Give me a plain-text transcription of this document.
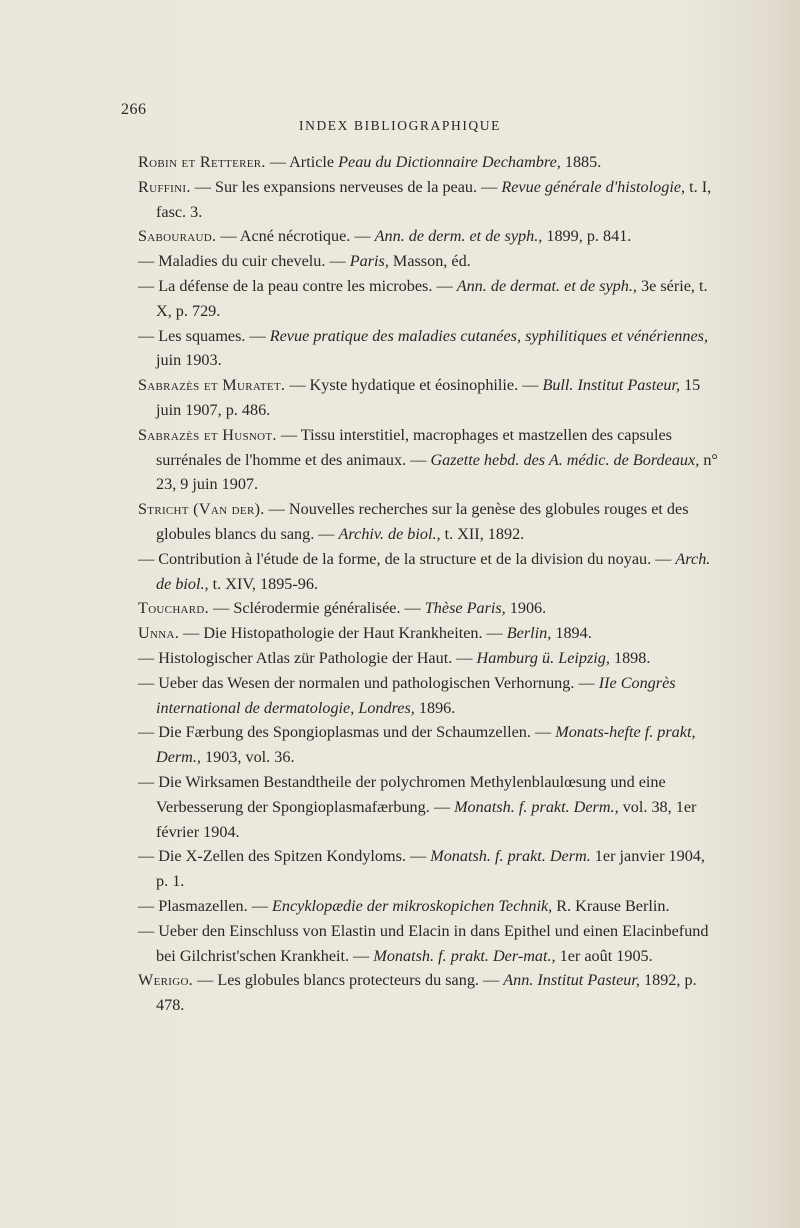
266
INDEX BIBLIOGRAPHIQUE
Robin et Retterer. — Article Peau du Dictionnaire Dechambre, 1885.
Ruffini. — Sur les expansions nerveuses de la peau. — Revue générale d'histologie, t. I, fasc. 3.
Sabouraud. — Acné nécrotique. — Ann. de derm. et de syph., 1899, p. 841.
— Maladies du cuir chevelu. — Paris, Masson, éd.
— La défense de la peau contre les microbes. — Ann. de dermat. et de syph., 3e série, t. X, p. 729.
— Les squames. — Revue pratique des maladies cutanées, syphilitiques et vénériennes, juin 1903.
Sabrazès et Muratet. — Kyste hydatique et éosinophilie. — Bull. Institut Pasteur, 15 juin 1907, p. 486.
Sabrazès et Husnot. — Tissu interstitiel, macrophages et mastzellen des capsules surrénales de l'homme et des animaux. — Gazette hebd. des A. médic. de Bordeaux, n° 23, 9 juin 1907.
Stricht (Van der). — Nouvelles recherches sur la genèse des globules rouges et des globules blancs du sang. — Archiv. de biol., t. XII, 1892.
— Contribution à l'étude de la forme, de la structure et de la division du noyau. — Arch. de biol., t. XIV, 1895-96.
Touchard. — Sclérodermie généralisée. — Thèse Paris, 1906.
Unna. — Die Histopathologie der Haut Krankheiten. — Berlin, 1894.
— Histologischer Atlas zür Pathologie der Haut. — Hamburg ü. Leipzig, 1898.
— Ueber das Wesen der normalen und pathologischen Verhornung. — IIe Congrès international de dermatologie, Londres, 1896.
— Die Færbung des Spongioplasmas und der Schaumzellen. — Monats-hefte f. prakt, Derm., 1903, vol. 36.
— Die Wirksamen Bestandtheile der polychromen Methylenblaulœsung und eine Verbesserung der Spongioplasmafærbung. — Monatsh. f. prakt. Derm., vol. 38, 1er février 1904.
— Die X-Zellen des Spitzen Kondyloms. — Monatsh. f. prakt. Derm. 1er janvier 1904, p. 1.
— Plasmazellen. — Encyklopædie der mikroskopichen Technik, R. Krause Berlin.
— Ueber den Einschluss von Elastin und Elacin in dans Epithel und einen Elacinbefund bei Gilchrist'schen Krankheit. — Monatsh. f. prakt. Der-mat., 1er août 1905.
Werigo. — Les globules blancs protecteurs du sang. — Ann. Institut Pasteur, 1892, p. 478.
